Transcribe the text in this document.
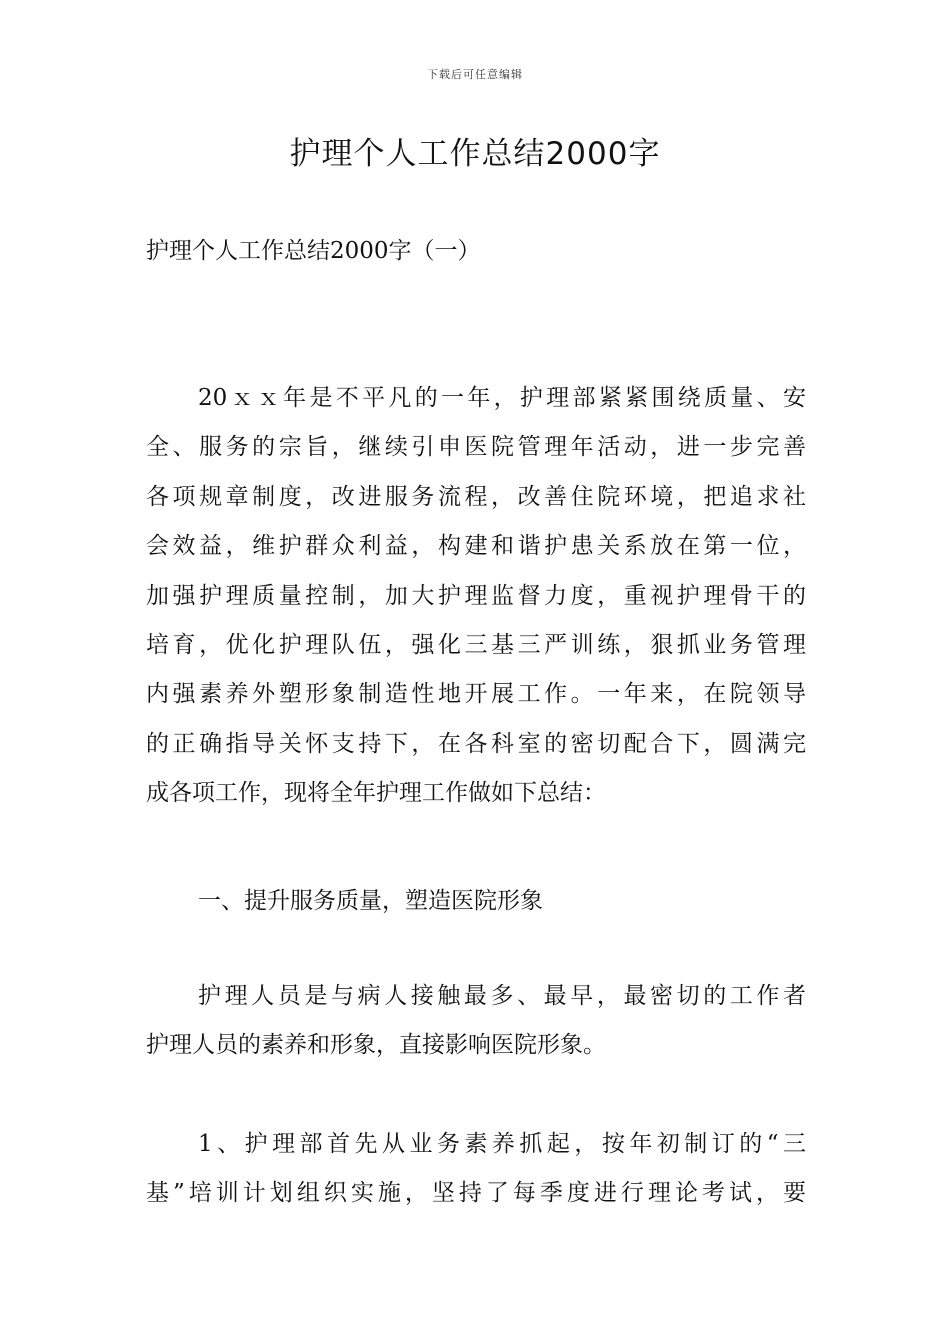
下载后可任意编辑
护理个人工作总结2000字
护理个人工作总结2000字（一）
20ｘｘ年是不平凡的一年，护理部紧紧围绕质量、安
全、服务的宗旨，继续引申医院管理年活动，进一步完善
各项规章制度，改进服务流程，改善住院环境，把追求社
会效益，维护群众利益，构建和谐护患关系放在第一位，
加强护理质量控制，加大护理监督力度，重视护理骨干的
培育，优化护理队伍，强化三基三严训练，狠抓业务管理
内强素养外塑形象制造性地开展工作。一年来，在院领导
的正确指导关怀支持下，在各科室的密切配合下，圆满完
成各项工作，现将全年护理工作做如下总结：
一、提升服务质量，塑造医院形象
护理人员是与病人接触最多、最早，最密切的工作者
护理人员的素养和形象，直接影响医院形象。
1、护理部首先从业务素养抓起，按年初制订的“三
基”培训计划组织实施，坚持了每季度进行理论考试，要
